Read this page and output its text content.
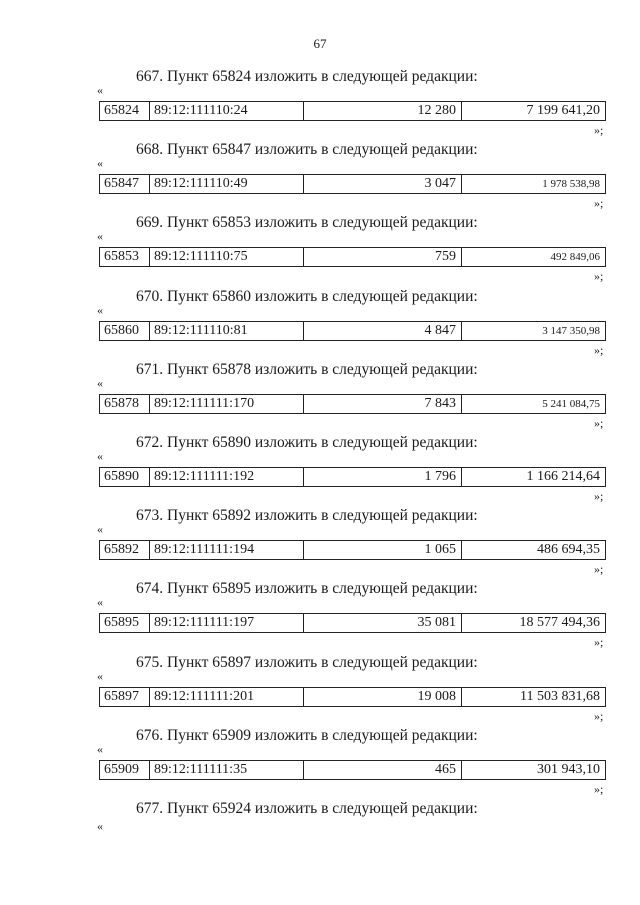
67
667. Пункт 65824 изложить в следующей редакции:
«
65824	89:12:111110:24	12 280	7 199 641,20
»;
668. Пункт 65847 изложить в следующей редакции:
«
65847	89:12:111110:49	3 047	1 978 538,98
»;
669. Пункт 65853 изложить в следующей редакции:
«
65853	89:12:111110:75	759	492 849,06
»;
670. Пункт 65860 изложить в следующей редакции:
«
65860	89:12:111110:81	4 847	3 147 350,98
»;
671. Пункт 65878 изложить в следующей редакции:
«
65878	89:12:111111:170	7 843	5 241 084,75
»;
672. Пункт 65890 изложить в следующей редакции:
«
65890	89:12:111111:192	1 796	1 166 214,64
»;
673. Пункт 65892 изложить в следующей редакции:
«
65892	89:12:111111:194	1 065	486 694,35
»;
674. Пункт 65895 изложить в следующей редакции:
«
65895	89:12:111111:197	35 081	18 577 494,36
»;
675. Пункт 65897 изложить в следующей редакции:
«
65897	89:12:111111:201	19 008	11 503 831,68
»;
676. Пункт 65909 изложить в следующей редакции:
«
65909	89:12:111111:35	465	301 943,10
»;
677. Пункт 65924 изложить в следующей редакции:
«
